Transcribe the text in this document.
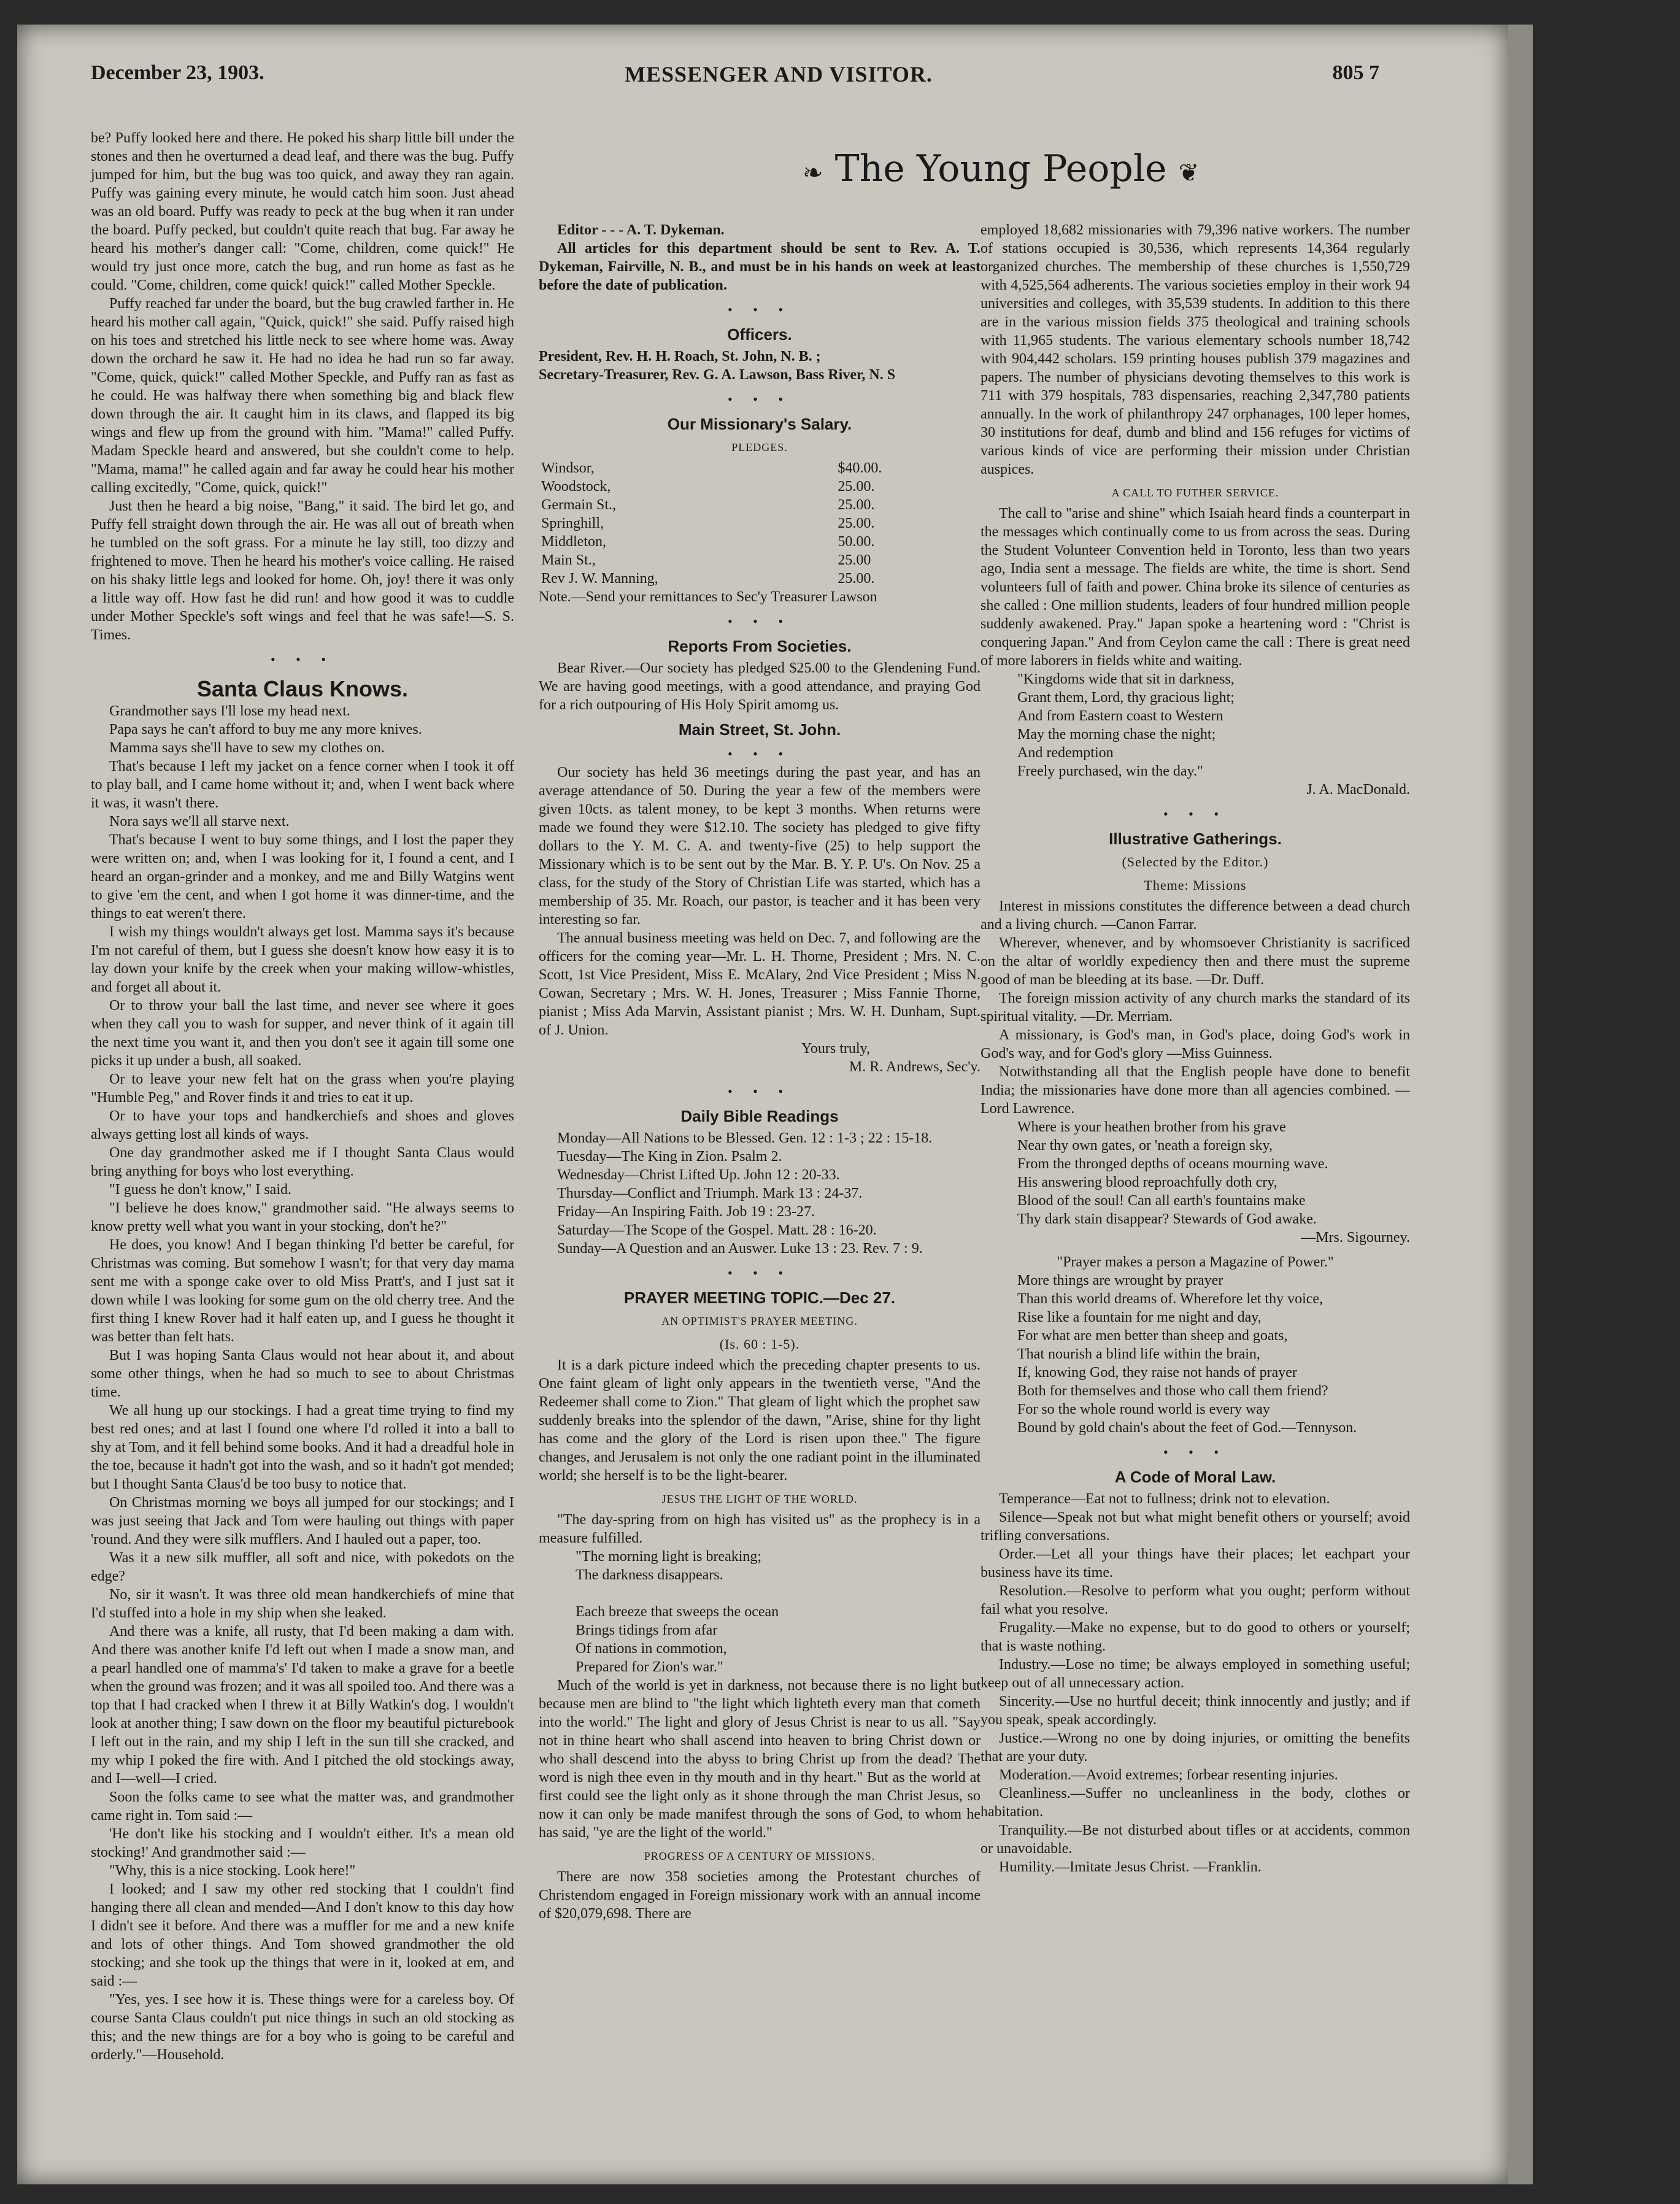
December 23, 1903.	MESSENGER AND VISITOR.	805 7
❧ The Young People ❦

be? Puffy looked here and there. He poked his sharp little bill under the stones and then he overturned a dead leaf, and there was the bug. Puffy jumped for him, but the bug was too quick, and away they ran again. Puffy was gaining every minute, he would catch him soon. Just ahead was an old board. Puffy was ready to peck at the bug when it ran under the board. Puffy pecked, but couldn't quite reach that bug. Far away he heard his mother's danger call: "Come, children, come quick!" He would try just once more, catch the bug, and run home as fast as he could. "Come, children, come quick! quick!" called Mother Speckle.

Puffy reached far under the board, but the bug crawled farther in. He heard his mother call again, "Quick, quick!" she said. Puffy raised high on his toes and stretched his little neck to see where home was. Away down the orchard he saw it. He had no idea he had run so far away. "Come, quick, quick!" called Mother Speckle, and Puffy ran as fast as he could. He was halfway there when something big and black flew down through the air. It caught him in its claws, and flapped its big wings and flew up from the ground with him. "Mama!" called Puffy. Madam Speckle heard and answered, but she couldn't come to help. "Mama, mama!" he called again and far away he could hear his mother calling excitedly, "Come, quick, quick!"

Just then he heard a big noise, "Bang," it said. The bird let go, and Puffy fell straight down through the air. He was all out of breath when he tumbled on the soft grass. For a minute he lay still, too dizzy and frightened to move. Then he heard his mother's voice calling. He raised on his shaky little legs and looked for home. Oh, joy! there it was only a little way off. How fast he did run! and how good it was to cuddle under Mother Speckle's soft wings and feel that he was safe!—S. S. Times.

• • •
Santa Claus Knows.

Grandmother says I'll lose my head next.

Papa says he can't afford to buy me any more knives.

Mamma says she'll have to sew my clothes on.

That's because I left my jacket on a fence corner when I took it off to play ball, and I came home without it; and, when I went back where it was, it wasn't there.

Nora says we'll all starve next.

That's because I went to buy some things, and I lost the paper they were written on; and, when I was looking for it, I found a cent, and I heard an organ-grinder and a monkey, and me and Billy Watgins went to give 'em the cent, and when I got home it was dinner-time, and the things to eat weren't there.

I wish my things wouldn't always get lost. Mamma says it's because I'm not careful of them, but I guess she doesn't know how easy it is to lay down your knife by the creek when your making willow-whistles, and forget all about it.

Or to throw your ball the last time, and never see where it goes when they call you to wash for supper, and never think of it again till the next time you want it, and then you don't see it again till some one picks it up under a bush, all soaked.

Or to leave your new felt hat on the grass when you're playing "Humble Peg," and Rover finds it and tries to eat it up.

Or to have your tops and handkerchiefs and shoes and gloves always getting lost all kinds of ways.

One day grandmother asked me if I thought Santa Claus would bring anything for boys who lost everything.

"I guess he don't know," I said.

"I believe he does know," grandmother said. "He always seems to know pretty well what you want in your stocking, don't he?"

He does, you know! And I began thinking I'd better be careful, for Christmas was coming. But somehow I wasn't; for that very day mama sent me with a sponge cake over to old Miss Pratt's, and I just sat it down while I was looking for some gum on the old cherry tree. And the first thing I knew Rover had it half eaten up, and I guess he thought it was better than felt hats.

But I was hoping Santa Claus would not hear about it, and about some other things, when he had so much to see to about Christmas time.

We all hung up our stockings. I had a great time trying to find my best red ones; and at last I found one where I'd rolled it into a ball to shy at Tom, and it fell behind some books. And it had a dreadful hole in the toe, because it hadn't got into the wash, and so it hadn't got mended; but I thought Santa Claus'd be too busy to notice that.

On Christmas morning we boys all jumped for our stockings; and I was just seeing that Jack and Tom were hauling out things with paper 'round. And they were silk mufflers. And I hauled out a paper, too.

Was it a new silk muffler, all soft and nice, with pokedots on the edge?

No, sir it wasn't. It was three old mean handkerchiefs of mine that I'd stuffed into a hole in my ship when she leaked.

And there was a knife, all rusty, that I'd been making a dam with. And there was another knife I'd left out when I made a snow man, and a pearl handled one of mamma's' I'd taken to make a grave for a beetle when the ground was frozen; and it was all spoiled too. And there was a top that I had cracked when I threw it at Billy Watkin's dog. I wouldn't look at another thing; I saw down on the floor my beautiful picturebook I left out in the rain, and my ship I left in the sun till she cracked, and my whip I poked the fire with. And I pitched the old stockings away, and I—well—I cried.

Soon the folks came to see what the matter was, and grandmother came right in. Tom said :—

'He don't like his stocking and I wouldn't either. It's a mean old stocking!' And grandmother said :—

"Why, this is a nice stocking. Look here!"

I looked; and I saw my other red stocking that I couldn't find hanging there all clean and mended—And I don't know to this day how I didn't see it before. And there was a muffler for me and a new knife and lots of other things. And Tom showed grandmother the old stocking; and she took up the things that were in it, looked at em, and said :—

"Yes, yes. I see how it is. These things were for a careless boy. Of course Santa Claus couldn't put nice things in such an old stocking as this; and the new things are for a boy who is going to be careful and orderly."—Household.

Editor - - - A. T. Dykeman.

All articles for this department should be sent to Rev. A. T. Dykeman, Fairville, N. B., and must be in his hands on week at least before the date of publication.

• • •
Officers.

President, Rev. H. H. Roach, St. John, N. B. ;

Secretary-Treasurer, Rev. G. A. Lawson, Bass River, N. S

• • •
Our Missionary's Salary.
PLEDGES.
Windsor,	$40.00.
Woodstock,	25.00.
Germain St.,	25.00.
Springhill,	25.00.
Middleton,	50.00.
Main St.,	25.00
Rev J. W. Manning,	25.00.

Note.—Send your remittances to Sec'y Treasurer Lawson

• • •
Reports From Societies.

Bear River.—Our society has pledged $25.00 to the Glendening Fund. We are having good meetings, with a good attendance, and praying God for a rich outpouring of His Holy Spirit amomg us.

Main Street, St. John.
• • •

Our society has held 36 meetings during the past year, and has an average attendance of 50. During the year a few of the members were given 10cts. as talent money, to be kept 3 months. When returns were made we found they were $12.10. The society has pledged to give fifty dollars to the Y. M. C. A. and twenty-five (25) to help support the Missionary which is to be sent out by the Mar. B. Y. P. U's. On Nov. 25 a class, for the study of the Story of Christian Life was started, which has a membership of 35. Mr. Roach, our pastor, is teacher and it has been very interesting so far.

The annual business meeting was held on Dec. 7, and following are the officers for the coming year—Mr. L. H. Thorne, President ; Mrs. N. C. Scott, 1st Vice President, Miss E. McAlary, 2nd Vice President ; Miss N. Cowan, Secretary ; Mrs. W. H. Jones, Treasurer ; Miss Fannie Thorne, pianist ; Miss Ada Marvin, Assistant pianist ; Mrs. W. H. Dunham, Supt. of J. Union.

Yours truly,

M. R. Andrews, Sec'y.

• • •
Daily Bible Readings

Monday—All Nations to be Blessed. Gen. 12 : 1-3 ; 22 : 15-18.

Tuesday—The King in Zion. Psalm 2.

Wednesday—Christ Lifted Up. John 12 : 20-33.

Thursday—Conflict and Triumph. Mark 13 : 24-37.

Friday—An Inspiring Faith. Job 19 : 23-27.

Saturday—The Scope of the Gospel. Matt. 28 : 16-20.

Sunday—A Question and an Auswer. Luke 13 : 23. Rev. 7 : 9.

• • •
PRAYER MEETING TOPIC.—Dec 27.
AN OPTIMIST'S PRAYER MEETING.
(Is. 60 : 1-5).

It is a dark picture indeed which the preceding chapter presents to us. One faint gleam of light only appears in the twentieth verse, "And the Redeemer shall come to Zion." That gleam of light which the prophet saw suddenly breaks into the splendor of the dawn, "Arise, shine for thy light has come and the glory of the Lord is risen upon thee." The figure changes, and Jerusalem is not only the one radiant point in the illuminated world; she herself is to be the light-bearer.

JESUS THE LIGHT OF THE WORLD.

"The day-spring from on high has visited us" as the prophecy is in a measure fulfilled.

"The morning light is breaking;

The darkness disappears.

Each breeze that sweeps the ocean

Brings tidings from afar

Of nations in commotion,

Prepared for Zion's war."

Much of the world is yet in darkness, not because there is no light but because men are blind to "the light which lighteth every man that cometh into the world." The light and glory of Jesus Christ is near to us all. "Say not in thine heart who shall ascend into heaven to bring Christ down or who shall descend into the abyss to bring Christ up from the dead? The word is nigh thee even in thy mouth and in thy heart." But as the world at first could see the light only as it shone through the man Christ Jesus, so now it can only be made manifest through the sons of God, to whom he has said, "ye are the light of the world."

PROGRESS OF A CENTURY OF MISSIONS.

There are now 358 societies among the Protestant churches of Christendom engaged in Foreign missionary work with an annual income of $20,079,698. There are

employed 18,682 missionaries with 79,396 native workers. The number of stations occupied is 30,536, which represents 14,364 regularly organized churches. The membership of these churches is 1,550,729 with 4,525,564 adherents. The various societies employ in their work 94 universities and colleges, with 35,539 students. In addition to this there are in the various mission fields 375 theological and training schools with 11,965 students. The various elementary schools number 18,742 with 904,442 scholars. 159 printing houses publish 379 magazines and papers. The number of physicians devoting themselves to this work is 711 with 379 hospitals, 783 dispensaries, reaching 2,347,780 patients annually. In the work of philanthropy 247 orphanages, 100 leper homes, 30 institutions for deaf, dumb and blind and 156 refuges for victims of various kinds of vice are performing their mission under Christian auspices.

A CALL TO FUTHER SERVICE.

The call to "arise and shine" which Isaiah heard finds a counterpart in the messages which continually come to us from across the seas. During the Student Volunteer Convention held in Toronto, less than two years ago, India sent a message. The fields are white, the time is short. Send volunteers full of faith and power. China broke its silence of centuries as she called : One million students, leaders of four hundred million people suddenly awakened. Pray." Japan spoke a heartening word : "Christ is conquering Japan." And from Ceylon came the call : There is great need of more laborers in fields white and waiting.

"Kingdoms wide that sit in darkness,

Grant them, Lord, thy gracious light;

And from Eastern coast to Western

May the morning chase the night;

And redemption

Freely purchased, win the day."

J. A. MacDonald.

• • •
Illustrative Gatherings.
(Selected by the Editor.)
Theme: Missions

Interest in missions constitutes the difference between a dead church and a living church. —Canon Farrar.

Wherever, whenever, and by whomsoever Christianity is sacrificed on the altar of worldly expediency then and there must the supreme good of man be bleeding at its base. —Dr. Duff.

The foreign mission activity of any church marks the standard of its spiritual vitality. —Dr. Merriam.

A missionary, is God's man, in God's place, doing God's work in God's way, and for God's glory —Miss Guinness.

Notwithstanding all that the English people have done to benefit India; the missionaries have done more than all agencies combined. —Lord Lawrence.

Where is your heathen brother from his grave

Near thy own gates, or 'neath a foreign sky,

From the thronged depths of oceans mourning wave.

His answering blood reproachfully doth cry,

Blood of the soul! Can all earth's fountains make

Thy dark stain disappear? Stewards of God awake.

—Mrs. Sigourney.

"Prayer makes a person a Magazine of Power."

More things are wrought by prayer

Than this world dreams of. Wherefore let thy voice,

Rise like a fountain for me night and day,

For what are men better than sheep and goats,

That nourish a blind life within the brain,

If, knowing God, they raise not hands of prayer

Both for themselves and those who call them friend?

For so the whole round world is every way

Bound by gold chain's about the feet of God.—Tennyson.

• • •
A Code of Moral Law.

Temperance—Eat not to fullness; drink not to elevation.

Silence—Speak not but what might benefit others or yourself; avoid trifling conversations.

Order.—Let all your things have their places; let eachpart your business have its time.

Resolution.—Resolve to perform what you ought; perform without fail what you resolve.

Frugality.—Make no expense, but to do good to others or yourself; that is waste nothing.

Industry.—Lose no time; be always employed in something useful; keep out of all unnecessary action.

Sincerity.—Use no hurtful deceit; think innocently and justly; and if you speak, speak accordingly.

Justice.—Wrong no one by doing injuries, or omitting the benefits that are your duty.

Moderation.—Avoid extremes; forbear resenting injuries.

Cleanliness.—Suffer no uncleanliness in the body, clothes or habitation.

Tranquility.—Be not disturbed about tifles or at accidents, common or unavoidable.

Humility.—Imitate Jesus Christ. —Franklin.
